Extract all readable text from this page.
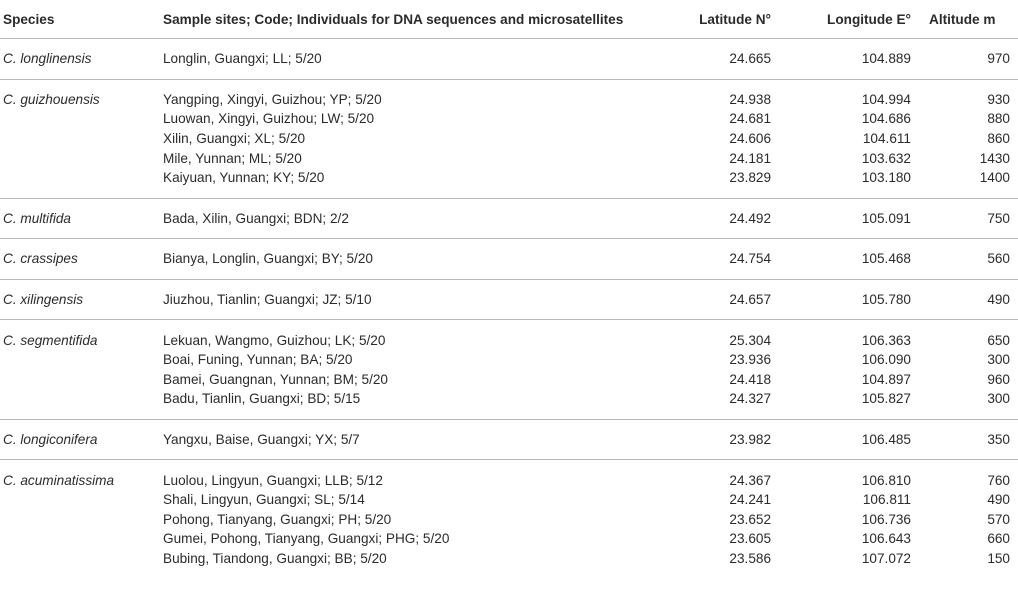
Species	Sample sites; Code; Individuals for DNA sequences and microsatellites	Latitude N°	Longitude E°	Altitude m
C. longlinensis	Longlin, Guangxi; LL; 5/20	24.665	104.889	970
C. guizhouensis	Yangping, Xingyi, Guizhou; YP; 5/20	24.938	104.994	930
	Luowan, Xingyi, Guizhou; LW; 5/20	24.681	104.686	880
	Xilin, Guangxi; XL; 5/20	24.606	104.611	860
	Mile, Yunnan; ML; 5/20	24.181	103.632	1430
	Kaiyuan, Yunnan; KY; 5/20	23.829	103.180	1400
C. multifida	Bada, Xilin, Guangxi; BDN; 2/2	24.492	105.091	750
C. crassipes	Bianya, Longlin, Guangxi; BY; 5/20	24.754	105.468	560
C. xilingensis	Jiuzhou, Tianlin; Guangxi; JZ; 5/10	24.657	105.780	490
C. segmentifida	Lekuan, Wangmo, Guizhou; LK; 5/20	25.304	106.363	650
	Boai, Funing, Yunnan; BA; 5/20	23.936	106.090	300
	Bamei, Guangnan, Yunnan; BM; 5/20	24.418	104.897	960
	Badu, Tianlin, Guangxi; BD; 5/15	24.327	105.827	300
C. longiconifera	Yangxu, Baise, Guangxi; YX; 5/7	23.982	106.485	350
C. acuminatissima	Luolou, Lingyun, Guangxi; LLB; 5/12	24.367	106.810	760
	Shali, Lingyun, Guangxi; SL; 5/14	24.241	106.811	490
	Pohong, Tianyang, Guangxi; PH; 5/20	23.652	106.736	570
	Gumei, Pohong, Tianyang, Guangxi; PHG; 5/20	23.605	106.643	660
	Bubing, Tiandong, Guangxi; BB; 5/20	23.586	107.072	150
